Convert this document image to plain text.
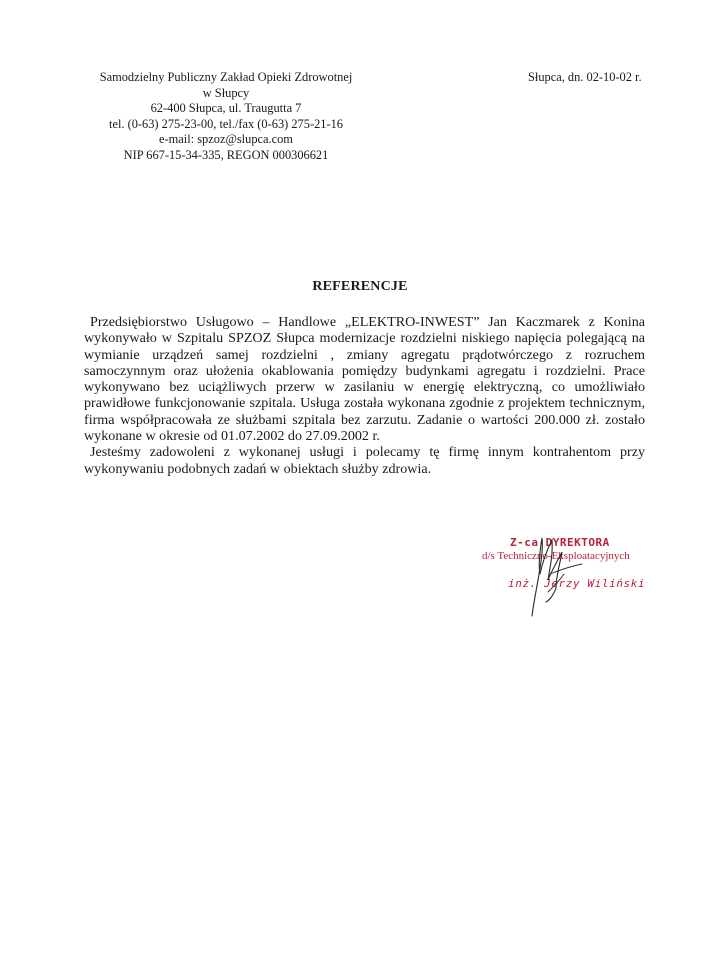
Samodzielny Publiczny Zakład Opieki Zdrowotnej
w Słupcy
62-400 Słupca, ul. Traugutta 7
tel. (0-63) 275-23-00, tel./fax (0-63) 275-21-16
e-mail: spzoz@slupca.com
NIP 667-15-34-335, REGON 000306621
Słupca, dn. 02-10-02 r.
REFERENCJE

Przedsiębiorstwo Usługowo – Handlowe „ELEKTRO-INWEST” Jan Kaczmarek z Konina wykonywało w Szpitalu SPZOZ Słupca modernizacje rozdzielni niskiego napięcia polegającą na wymianie urządzeń samej rozdzielni , zmiany agregatu prądotwórczego z rozruchem samoczynnym oraz ułożenia okablowania pomiędzy budynkami agregatu i rozdzielni. Prace wykonywano bez uciążliwych przerw w zasilaniu w energię elektryczną, co umożliwiało prawidłowe funkcjonowanie szpitala. Usługa została wykonana zgodnie z projektem technicznym, firma współpracowała ze służbami szpitala bez zarzutu. Zadanie o wartości 200.000 zł. zostało wykonane w okresie od 01.07.2002 do 27.09.2002 r.

Jesteśmy zadowoleni z wykonanej usługi i polecamy tę firmę innym kontrahentom przy wykonywaniu podobnych zadań w obiektach służby zdrowia.

Z-ca DYREKTORA
d/s Techniczno-Eksploatacyjnych
inż. Jerzy Wiliński
